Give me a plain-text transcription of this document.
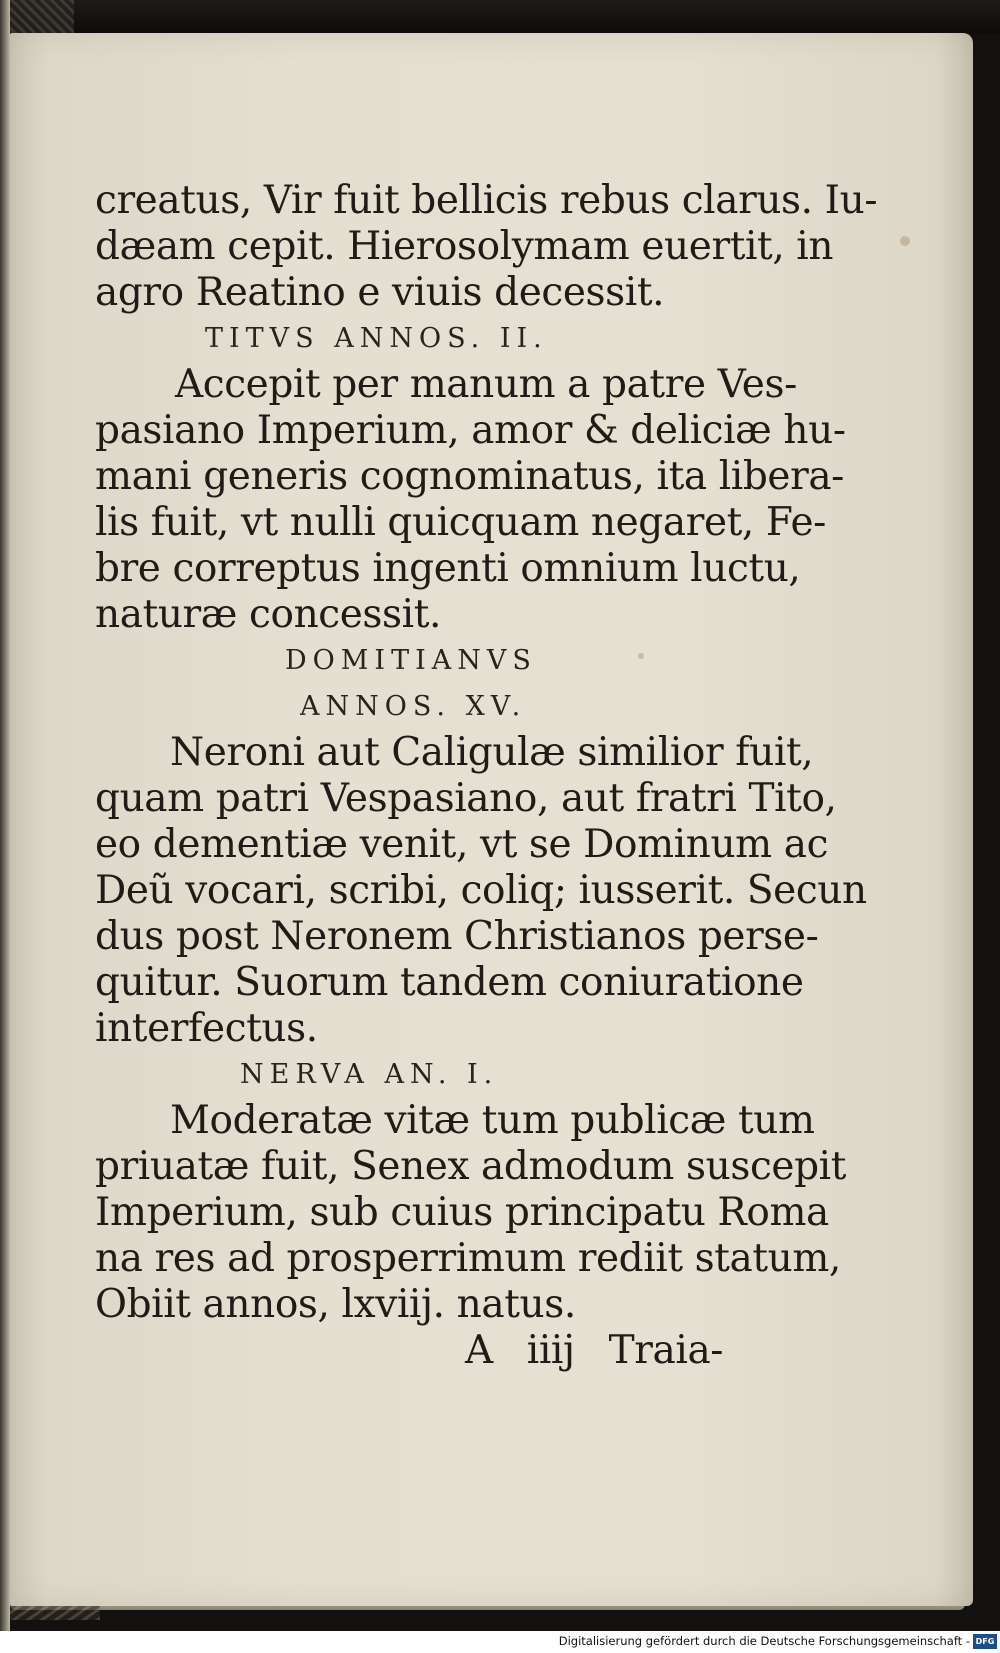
creatus, Vir fuit bellicis rebus clarus. Iu-
dæam cepit. Hierosolymam euertit, in
agro Reatino e viuis decessit.
TITVS ANNOS. II.
Accepit per manum a patre Ves-
pasiano Imperium, amor & deliciæ hu-
mani generis cognominatus, ita libera-
lis fuit, vt nulli quicquam negaret, Fe-
bre correptus ingenti omnium luctu,
naturæ concessit.
DOMITIANVS
ANNOS. XV.
Neroni aut Caligulæ similior fuit,
quam patri Vespasiano, aut fratri Tito,
eo dementiæ venit, vt se Dominum ac
Deũ vocari, scribi, coliq; iusserit. Secun
dus post Neronem Christianos perse-
quitur. Suorum tandem coniuratione
interfectus.
NERVA AN. I.
Moderatæ vitæ tum publicæ tum
priuatæ fuit, Senex admodum suscepit
Imperium, sub cuius principatu Roma
na res ad prosperrimum rediit statum,
Obiit annos, lxviij. natus.
A iiij Traia-
Digitalisierung gefördert durch die Deutsche Forschungsgemeinschaft - DFG
